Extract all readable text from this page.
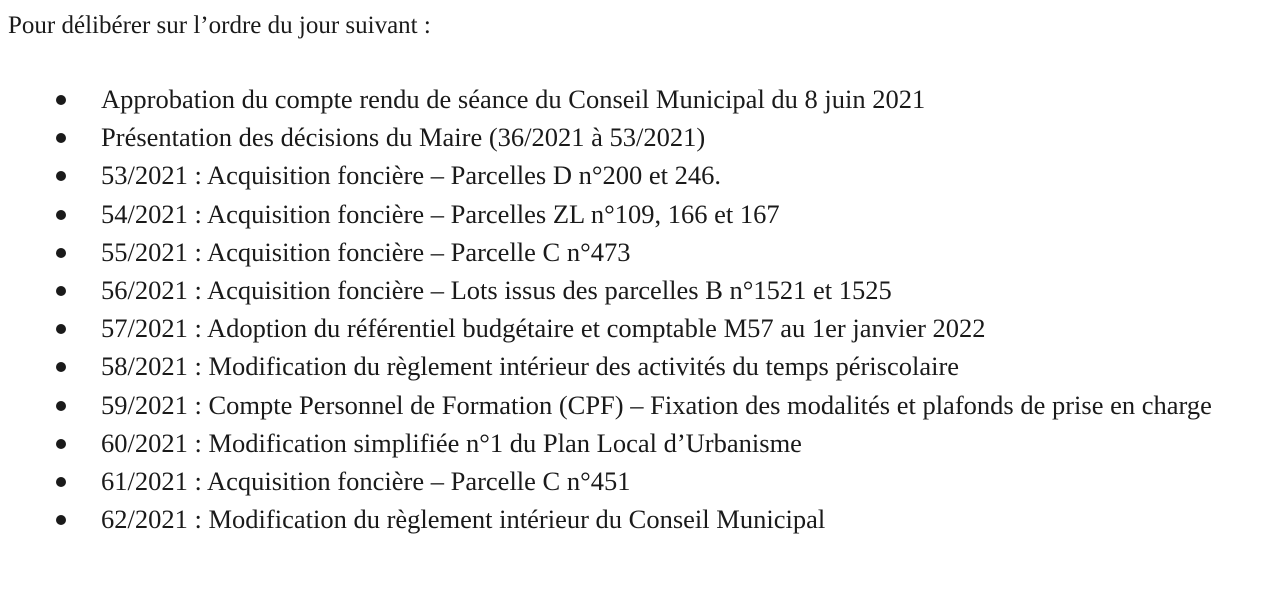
Pour délibérer sur l’ordre du jour suivant :
Approbation du compte rendu de séance du Conseil Municipal du 8 juin 2021
Présentation des décisions du Maire (36/2021 à 53/2021)
53/2021 : Acquisition foncière – Parcelles D n°200 et 246.
54/2021 : Acquisition foncière – Parcelles ZL n°109, 166 et 167
55/2021 : Acquisition foncière – Parcelle C n°473
56/2021 : Acquisition foncière – Lots issus des parcelles B n°1521 et 1525
57/2021 : Adoption du référentiel budgétaire et comptable M57 au 1er janvier 2022
58/2021 : Modification du règlement intérieur des activités du temps périscolaire
59/2021 : Compte Personnel de Formation (CPF) – Fixation des modalités et plafonds de prise en charge
60/2021 : Modification simplifiée n°1 du Plan Local d’Urbanisme
61/2021 : Acquisition foncière – Parcelle C n°451
62/2021 : Modification du règlement intérieur du Conseil Municipal
